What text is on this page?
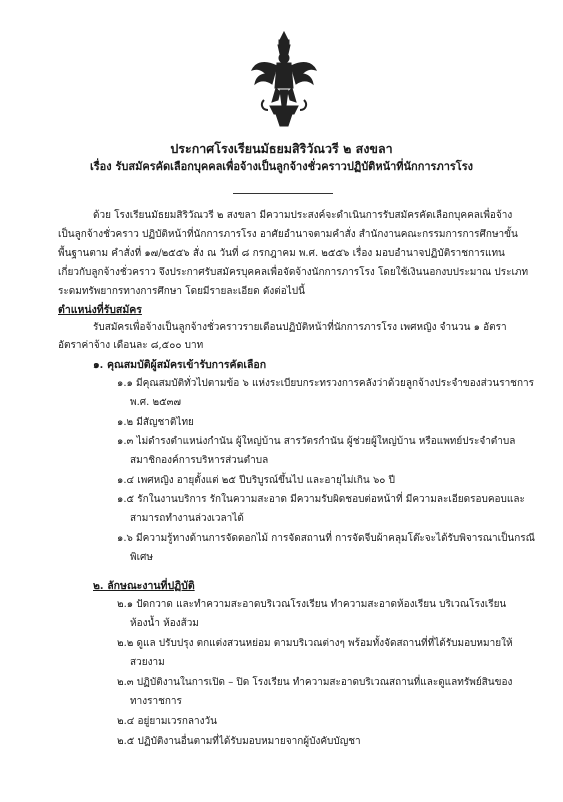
ประกาศโรงเรียนมัธยมสิริวัณวรี ๒ สงขลา
เรื่อง รับสมัครคัดเลือกบุคคลเพื่อจ้างเป็นลูกจ้างชั่วคราวปฏิบัติหน้าที่นักการภารโรง
ด้วย โรงเรียนมัธยมสิริวัณวรี ๒ สงขลา มีความประสงค์จะดำเนินการรับสมัครคัดเลือกบุคคลเพื่อจ้าง
เป็นลูกจ้างชั่วคราว ปฏิบัติหน้าที่นักการภารโรง อาศัยอำนาจตามคำสั่ง สำนักงานคณะกรรมการการศึกษาขั้น
พื้นฐานตาม คำสั่งที่ ๑๗/๒๕๕๖ สั่ง ณ วันที่ ๘ กรกฎาคม พ.ศ. ๒๕๕๖ เรื่อง มอบอำนาจปฏิบัติราชการแทน
เกี่ยวกับลูกจ้างชั่วคราว จึงประกาศรับสมัครบุคคลเพื่อจัดจ้างนักการภารโรง โดยใช้เงินนอกงบประมาณ ประเภท
ระดมทรัพยากรทางการศึกษา โดยมีรายละเอียด ดังต่อไปนี้
ตำแหน่งที่รับสมัคร
รับสมัครเพื่อจ้างเป็นลูกจ้างชั่วคราวรายเดือนปฏิบัติหน้าที่นักการภารโรง เพศหญิง จำนวน ๑ อัตรา
อัตราค่าจ้าง เดือนละ ๘,๕๐๐ บาท
๑. คุณสมบัติผู้สมัครเข้ารับการคัดเลือก
๑.๑ มีคุณสมบัติทั่วไปตามข้อ ๖ แห่งระเบียบกระทรวงการคลังว่าด้วยลูกจ้างประจำของส่วนราชการ
พ.ศ. ๒๕๓๗
๑.๒ มีสัญชาติไทย
๑.๓ ไม่ดำรงตำแหน่งกำนัน ผู้ใหญ่บ้าน สารวัตรกำนัน ผู้ช่วยผู้ใหญ่บ้าน หรือแพทย์ประจำตำบล
สมาชิกองค์การบริหารส่วนตำบล
๑.๔ เพศหญิง อายุตั้งแต่ ๒๕ ปีบริบูรณ์ขึ้นไป และอายุไม่เกิน ๖๐ ปี
๑.๕ รักในงานบริการ รักในความสะอาด มีความรับผิดชอบต่อหน้าที่ มีความละเอียดรอบคอบและ
สามารถทำงานล่วงเวลาได้
๑.๖ มีความรู้ทางด้านการจัดดอกไม้ การจัดสถานที่ การจัดจีบผ้าคลุมโต๊ะจะได้รับพิจารณาเป็นกรณี
พิเศษ
๒. ลักษณะงานที่ปฏิบัติ
๒.๑ ปัดกวาด และทำความสะอาดบริเวณโรงเรียน ทำความสะอาดห้องเรียน บริเวณโรงเรียน
ห้องน้ำ ห้องส้วม
๒.๒ ดูแล ปรับปรุง ตกแต่งสวนหย่อม ตามบริเวณต่างๆ พร้อมทั้งจัดสถานที่ที่ได้รับมอบหมายให้
สวยงาม
๒.๓ ปฏิบัติงานในการเปิด – ปิด โรงเรียน ทำความสะอาดบริเวณสถานที่และดูแลทรัพย์สินของ
ทางราชการ
๒.๔ อยู่ยามเวรกลางวัน
๒.๕ ปฏิบัติงานอื่นตามที่ได้รับมอบหมายจากผู้บังคับบัญชา
